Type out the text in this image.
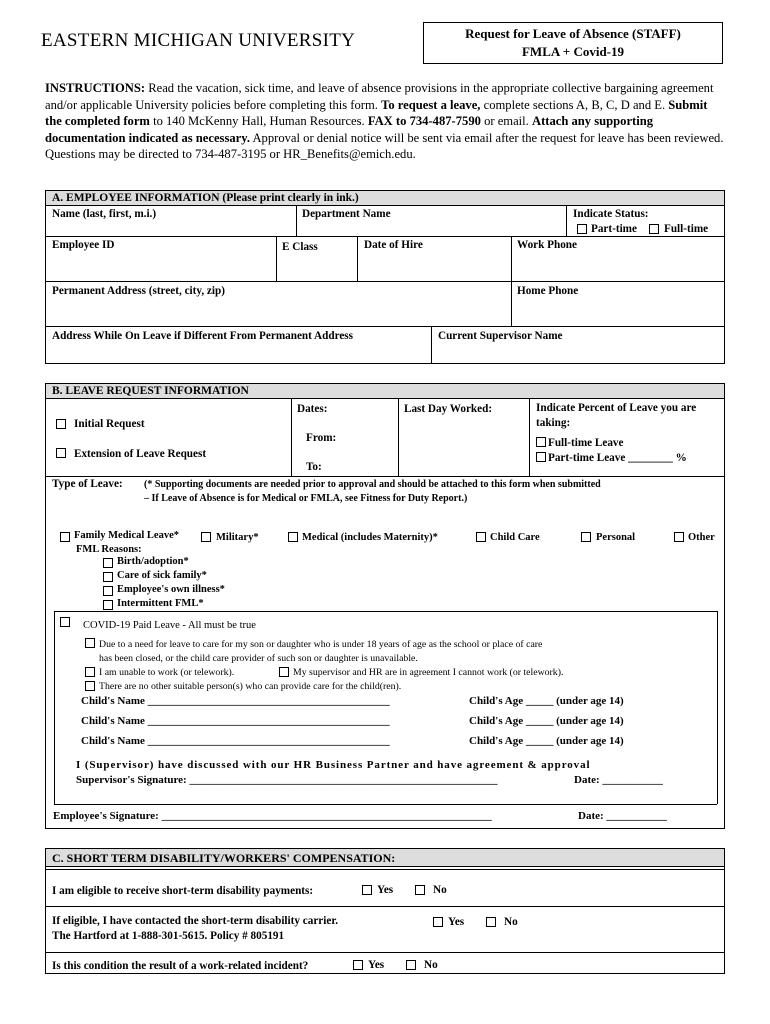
EASTERN MICHIGAN UNIVERSITY	Request for Leave of Absence (STAFF)
FMLA + Covid-19
INSTRUCTIONS: Read the vacation, sick time, and leave of absence provisions in the appropriate collective bargaining agreement and/or applicable University policies before completing this form. To request a leave, complete sections A, B, C, D and E. Submit the completed form to 140 McKenny Hall, Human Resources. FAX to 734-487-7590 or email. Attach any supporting documentation indicated as necessary. Approval or denial notice will be sent via email after the request for leave has been reviewed.
Questions may be directed to 734-487-3195 or HR_Benefits@emich.edu.
A. EMPLOYEE INFORMATION (Please print clearly in ink.)
Name (last, first, m.i.)	Department Name	Indicate Status:
Part-time Full-time
Employee ID	E Class	Date of Hire	Work Phone
Permanent Address (street, city, zip)	Home Phone
Address While On Leave if Different From Permanent Address	Current Supervisor Name
B. LEAVE REQUEST INFORMATION
Initial Request
Extension of Leave Request
Dates:
From:
To:
Last Day Worked:	Indicate Percent of Leave you are
taking:
Full-time Leave
Part-time Leave ________ %
Type of Leave: (* Supporting documents are needed prior to approval and should be attached to this form when submitted
– If Leave of Absence is for Medical or FMLA, see Fitness for Duty Report.)
Family Medical Leave*	Military*	Medical (includes Maternity)*	Child Care	Personal	Other
FML Reasons:
Birth/adoption*
Care of sick family*
Employee's own illness*
Intermittent FML*
COVID-19 Paid Leave - All must be true
Due to a need for leave to care for my son or daughter who is under 18 years of age as the school or place of care
has been closed, or the child care provider of such son or daughter is unavailable.
I am unable to work (or telework).	My supervisor and HR are in agreement I cannot work (or telework).
There are no other suitable person(s) who can provide care for the child(ren).
Child's Name ____________________________________________	Child's Age _____ (under age 14)
Child's Name ____________________________________________	Child's Age _____ (under age 14)
Child's Name ____________________________________________	Child's Age _____ (under age 14)
I (Supervisor) have discussed with our HR Business Partner and have agreement & approval
Supervisor's Signature: ________________________________________________________	Date: ___________
Employee's Signature: ____________________________________________________________	Date: ___________
C. SHORT TERM DISABILITY/WORKERS' COMPENSATION:
I am eligible to receive short-term disability payments:	Yes	No
If eligible, I have contacted the short-term disability carrier.
The Hartford at 1-888-301-5615. Policy # 805191
Yes	No
Is this condition the result of a work-related incident?	Yes	No
